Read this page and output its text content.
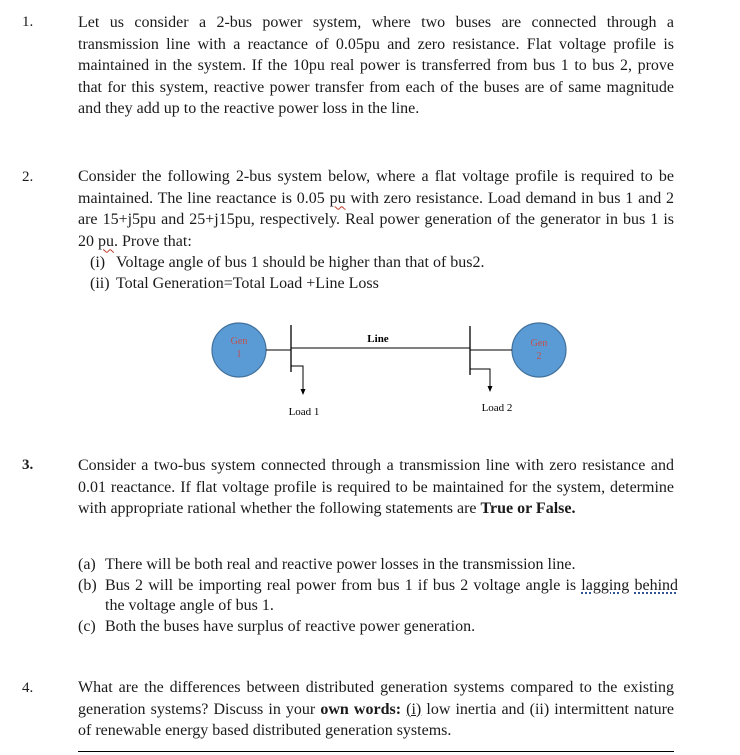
1.	Let us consider a 2-bus power system, where two buses are connected through a transmission line with a reactance of 0.05pu and zero resistance. Flat voltage profile is maintained in the system. If the 10pu real power is transferred from bus 1 to bus 2, prove that for this system, reactive power transfer from each of the buses are of same magnitude and they add up to the reactive power loss in the line.
2.	Consider the following 2-bus system below, where a flat voltage profile is required to be maintained. The line reactance is 0.05 pu with zero resistance. Load demand in bus 1 and 2 are 15+j5pu and 25+j15pu, respectively. Real power generation of the generator in bus 1 is 20 pu. Prove that:
(i) Voltage angle of bus 1 should be higher than that of bus2.
(ii) Total Generation=Total Load +Line Loss
Gen
1
Gen
2
Line
Load 1	Load 2
3.	Consider a two-bus system connected through a transmission line with zero resistance and 0.01 reactance. If flat voltage profile is required to be maintained for the system, determine with appropriate rational whether the following statements are True or False.
(a) There will be both real and reactive power losses in the transmission line.
(b) Bus 2 will be importing real power from bus 1 if bus 2 voltage angle is lagging behind the voltage angle of bus 1.
(c) Both the buses have surplus of reactive power generation.
4.	What are the differences between distributed generation systems compared to the existing generation systems? Discuss in your own words: (i) low inertia and (ii) intermittent nature of renewable energy based distributed generation systems.
